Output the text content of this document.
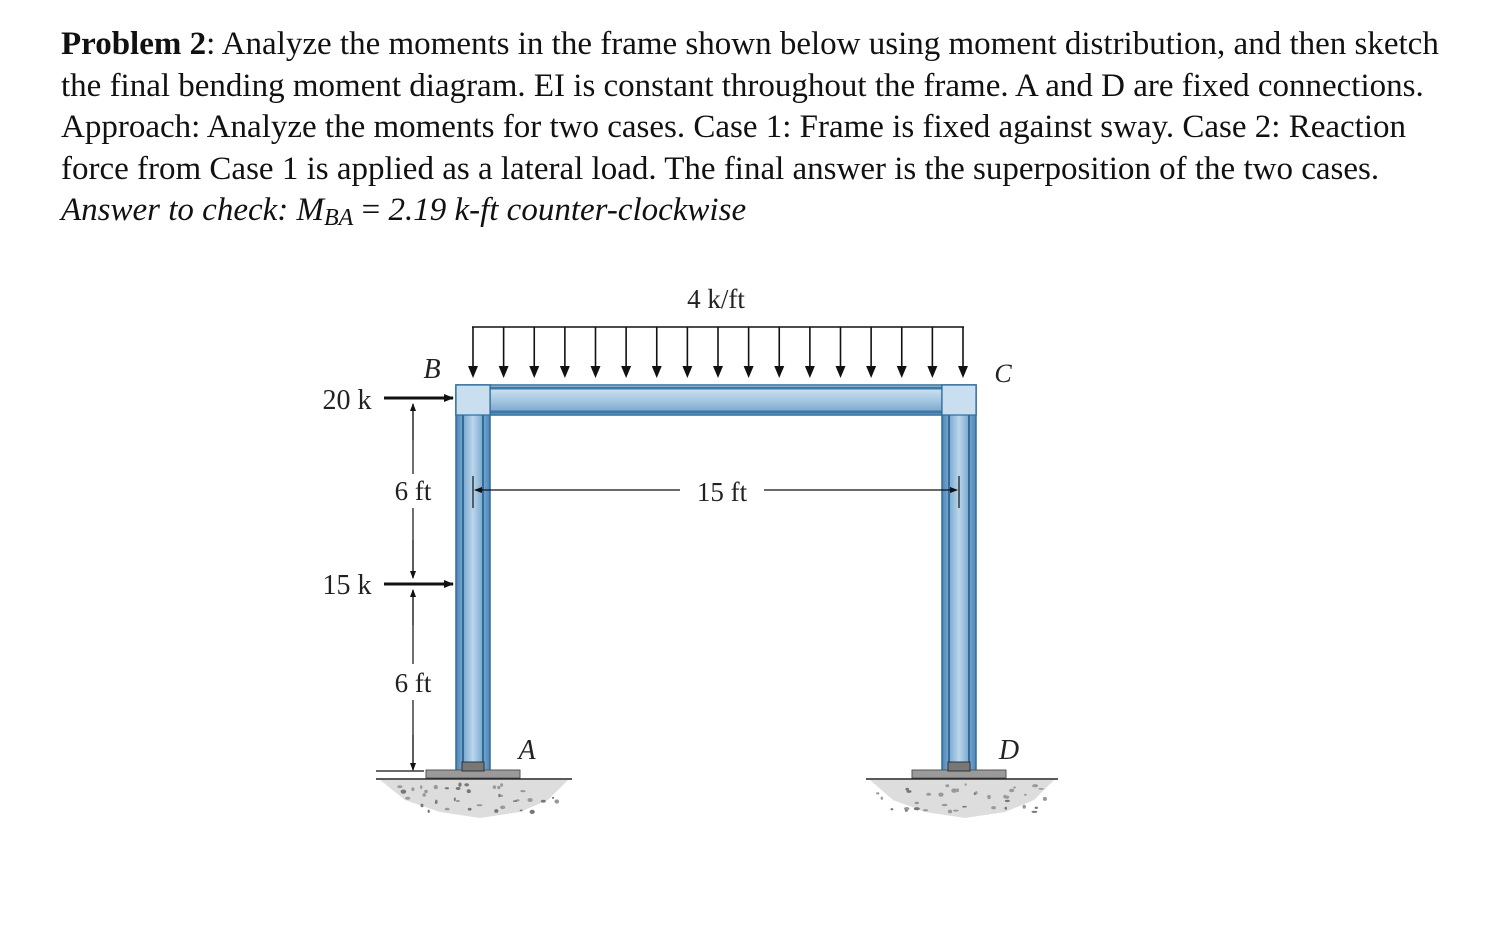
Problem 2: Analyze the moments in the frame shown below using moment distribution, and then sketch the final bending moment diagram. EI is constant throughout the frame. A and D are fixed connections. Approach: Analyze the moments for two cases. Case 1: Frame is fixed against sway. Case 2: Reaction force from Case 1 is applied as a lateral load. The final answer is the superposition of the two cases. Answer to check: $M_{BA} = 2.19$ k-ft counter-clockwise

4 k/ft
B	C
A	D
20 k
15 k
6 ft
6 ft
15 ft
